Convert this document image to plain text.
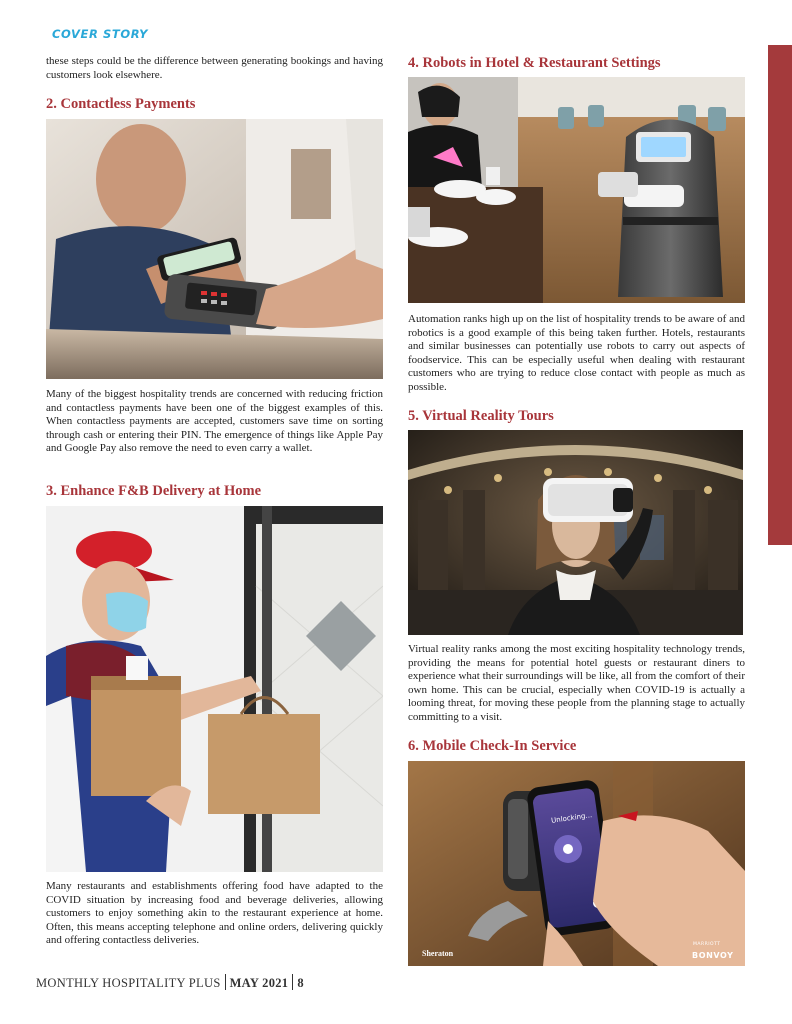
COVER STORY

these steps could be the difference between generating bookings and having customers look elsewhere.

2. Contactless Payments

Many of the biggest hospitality trends are concerned with reducing friction and contactless payments have been one of the biggest examples of this. When contactless payments are accepted, customers save time on sorting through cash or entering their PIN. The emergence of things like Apple Pay and Google Pay also remove the need to even carry a wallet.

3. Enhance F&B Delivery at Home

Many restaurants and establishments offering food have adapted to the COVID situation by increasing food and beverage deliveries, allowing customers to enjoy something akin to the restaurant experience at home. Often, this means accepting telephone and online orders, delivering quickly and offering contactless deliveries.

4. Robots in Hotel & Restaurant Settings

Automation ranks high up on the list of hospitality trends to be aware of and robotics is a good example of this being taken further. Hotels, restaurants and similar businesses can potentially use robots to carry out aspects of foodservice. This can be especially useful when dealing with restaurant customers who are trying to reduce close contact with people as much as possible.

5. Virtual Reality Tours

Virtual reality ranks among the most exciting hospitality technology trends, providing the means for potential hotel guests or restaurant diners to experience what their surroundings will be like, all from the comfort of their own home. This can be crucial, especially when COVID-19 is actually a looming threat, for moving these people from the planning stage to actually committing to a visit.

6. Mobile Check-In Service
Unlocking...
Sheraton
MARRIOTT
BONVOY
MONTHLY HOSPITALITY PLUS MAY 2021 8
